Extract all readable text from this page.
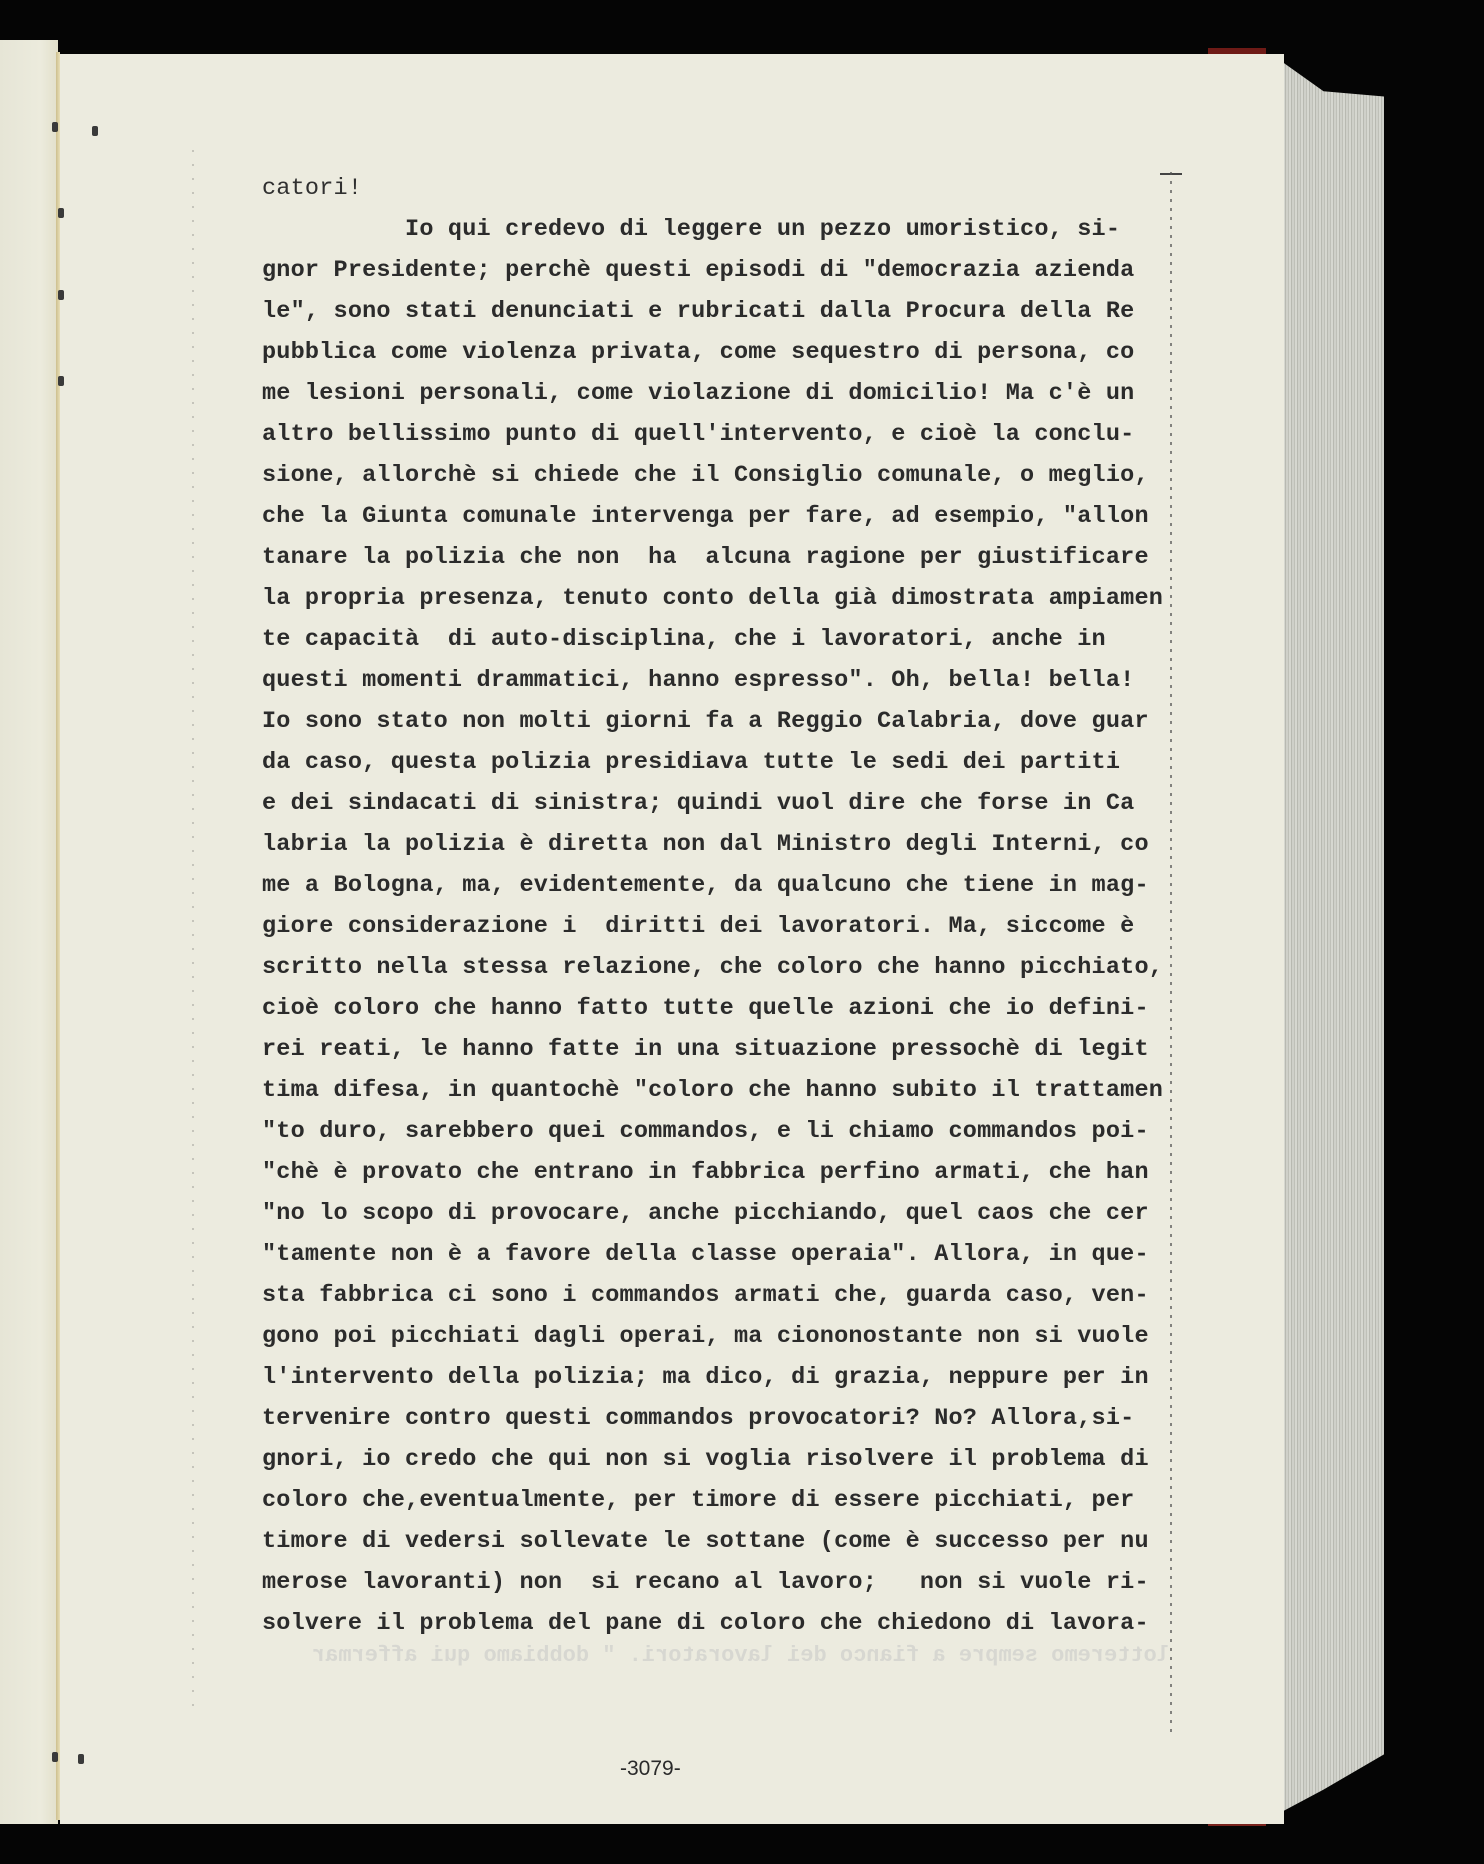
catori!
Io qui credevo di leggere un pezzo umoristico, si-
gnor Presidente; perchè questi episodi di "democrazia azienda
le", sono stati denunciati e rubricati dalla Procura della Re
pubblica come violenza privata, come sequestro di persona, co
me lesioni personali, come violazione di domicilio! Ma c'è un
altro bellissimo punto di quell'intervento, e cioè la conclu-
sione, allorchè si chiede che il Consiglio comunale, o meglio,
che la Giunta comunale intervenga per fare, ad esempio, "allon
tanare la polizia che non  ha  alcuna ragione per giustificare
la propria presenza, tenuto conto della già dimostrata ampiamen
te capacità  di auto-disciplina, che i lavoratori, anche in
questi momenti drammatici, hanno espresso". Oh, bella! bella!
Io sono stato non molti giorni fa a Reggio Calabria, dove guar
da caso, questa polizia presidiava tutte le sedi dei partiti
e dei sindacati di sinistra; quindi vuol dire che forse in Ca
labria la polizia è diretta non dal Ministro degli Interni, co
me a Bologna, ma, evidentemente, da qualcuno che tiene in mag-
giore considerazione i  diritti dei lavoratori. Ma, siccome è
scritto nella stessa relazione, che coloro che hanno picchiato,
cioè coloro che hanno fatto tutte quelle azioni che io defini-
rei reati, le hanno fatte in una situazione pressochè di legit
tima difesa, in quantochè "coloro che hanno subito il trattamen
"to duro, sarebbero quei commandos, e li chiamo commandos poi-
"chè è provato che entrano in fabbrica perfino armati, che han
"no lo scopo di provocare, anche picchiando, quel caos che cer
"tamente non è a favore della classe operaia". Allora, in que-
sta fabbrica ci sono i commandos armati che, guarda caso, ven-
gono poi picchiati dagli operai, ma ciononostante non si vuole
l'intervento della polizia; ma dico, di grazia, neppure per in
tervenire contro questi commandos provocatori? No? Allora,si-
gnori, io credo che qui non si voglia risolvere il problema di
coloro che,eventualmente, per timore di essere picchiati, per
timore di vedersi sollevate le sottane (come è successo per nu
merose lavoranti) non  si recano al lavoro;   non si vuole ri-
solvere il problema del pane di coloro che chiedono di lavora-
-3079-
